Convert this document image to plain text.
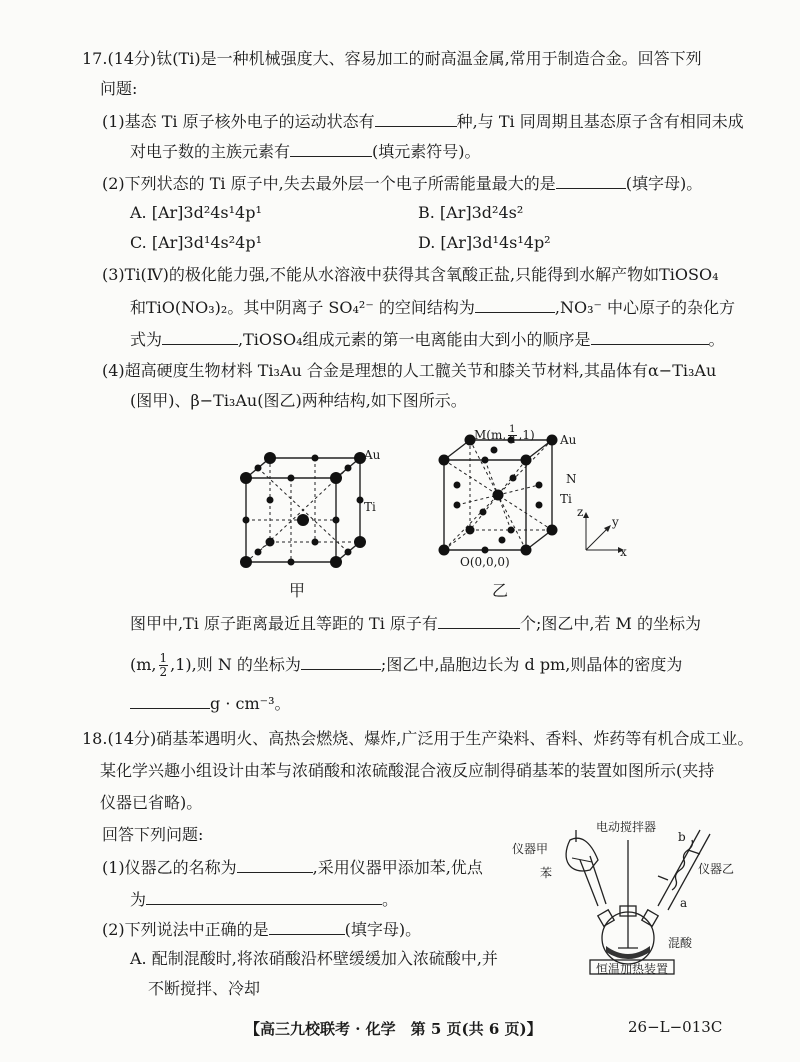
17.(14分)钛(Ti)是一种机械强度大、容易加工的耐高温金属,常用于制造合金。回答下列
问题:
(1)基态 Ti 原子核外电子的运动状态有	种,与 Ti 同周期且基态原子含有相同未成
对电子数的主族元素有	(填元素符号)。
(2)下列状态的 Ti 原子中,失去最外层一个电子所需能量最大的是	(填字母)。
A. [Ar]3d²4s¹4p¹	B. [Ar]3d²4s²
C. [Ar]3d¹4s²4p¹	D. [Ar]3d¹4s¹4p²
(3)Ti(Ⅳ)的极化能力强,不能从水溶液中获得其含氧酸正盐,只能得到水解产物如TiOSO₄
和TiO(NO₃)₂。其中阴离子 SO₄²⁻ 的空间结构为	,NO₃⁻ 中心原子的杂化方
式为	,TiOSO₄组成元素的第一电离能由大到小的顺序是	。
(4)超高硬度生物材料 Ti₃Au 合金是理想的人工髋关节和膝关节材料,其晶体有α−Ti₃Au
(图甲)、β−Ti₃Au(图乙)两种结构,如下图所示。
Au
Ti
甲
M(m, $\frac{1}{2} ,1$) Au
N
Ti
O(0,0,0)
乙
z
y
x
图甲中,Ti 原子距离最近且等距的 Ti 原子有	个;图乙中,若 M 的坐标为
(m, $\frac{1}{2} ,1$),则 N 的坐标为	;图乙中,晶胞边长为 d pm,则晶体的密度为
g · cm⁻³。
18.(14分)硝基苯遇明火、高热会燃烧、爆炸,广泛用于生产染料、香料、炸药等有机合成工业。
某化学兴趣小组设计由苯与浓硝酸和浓硫酸混合液反应制得硝基苯的装置如图所示(夹持
仪器已省略)。
回答下列问题:
(1)仪器乙的名称为	,采用仪器甲添加苯,优点
为	。
(2)下列说法中正确的是	(填字母)。
A. 配制混酸时,将浓硝酸沿杯壁缓缓加入浓硫酸中,并
不断搅拌、冷却
电动搅拌器
仪器甲
苯
b
仪器乙
a
混酸
恒温加热装置
【高三九校联考 · 化学　第 5 页(共 6 页)】	26−L−013C
